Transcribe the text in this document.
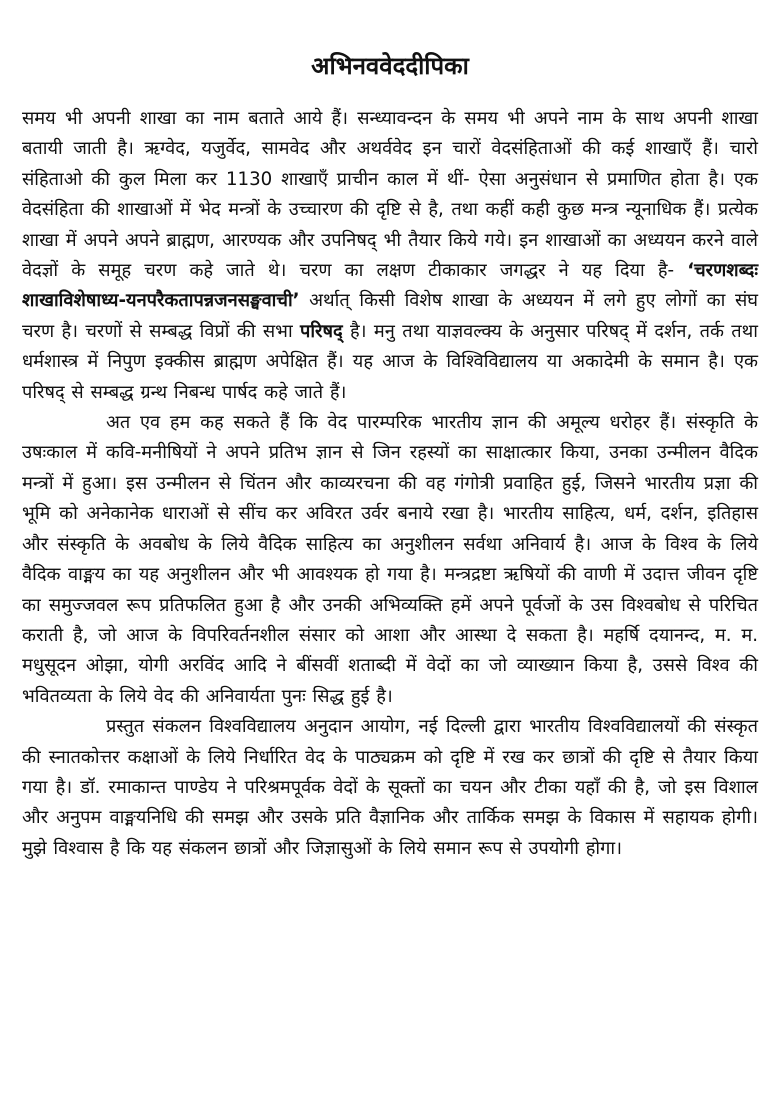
अभिनववेददीपिका

समय भी अपनी शाखा का नाम बताते आये हैं। सन्ध्यावन्दन के समय भी अपने नाम के साथ अपनी शाखा बतायी जाती है। ऋग्वेद, यजुर्वेद, सामवेद और अथर्ववेद इन चारों वेदसंहिताओं की कई शाखाएँ हैं। चारो संहिताओ की कुल मिला कर 1130 शाखाएँ प्राचीन काल में थीं- ऐसा अनुसंधान से प्रमाणित होता है। एक वेदसंहिता की शाखाओं में भेद मन्त्रों के उच्चारण की दृष्टि से है, तथा कहीं कही कुछ मन्त्र न्यूनाधिक हैं। प्रत्येक शाखा में अपने अपने ब्राह्मण, आरण्यक और उपनिषद् भी तैयार किये गये। इन शाखाओं का अध्ययन करने वाले वेदज्ञों के समूह चरण कहे जाते थे। चरण का लक्षण टीकाकार जगद्धर ने यह दिया है- ‘चरणशब्दः शाखाविशेषाध्य-यनपरैकतापन्नजनसङ्घवाची’ अर्थात् किसी विशेष शाखा के अध्ययन में लगे हुए लोगों का संघ चरण है। चरणों से सम्बद्ध विप्रों की सभा परिषद् है। मनु तथा याज्ञवल्क्य के अनुसार परिषद् में दर्शन, तर्क तथा धर्मशास्त्र में निपुण इक्कीस ब्राह्मण अपेक्षित हैं। यह आज के विश्विविद्यालय या अकादेमी के समान है। एक परिषद् से सम्बद्ध ग्रन्थ निबन्ध पार्षद कहे जाते हैं।

अत एव हम कह सकते हैं कि वेद पारम्परिक भारतीय ज्ञान की अमूल्य धरोहर हैं। संस्कृति के उषःकाल में कवि-मनीषियों ने अपने प्रतिभ ज्ञान से जिन रहस्यों का साक्षात्कार किया, उनका उन्मीलन वैदिक मन्त्रों में हुआ। इस उन्मीलन से चिंतन और काव्यरचना की वह गंगोत्री प्रवाहित हुई, जिसने भारतीय प्रज्ञा की भूमि को अनेकानेक धाराओं से सींच कर अविरत उर्वर बनाये रखा है। भारतीय साहित्य, धर्म, दर्शन, इतिहास और संस्कृति के अवबोध के लिये वैदिक साहित्य का अनुशीलन सर्वथा अनिवार्य है। आज के विश्व के लिये वैदिक वाङ्मय का यह अनुशीलन और भी आवश्यक हो गया है। मन्त्रद्रष्टा ऋषियों की वाणी में उदात्त जीवन दृष्टि का समुज्जवल रूप प्रतिफलित हुआ है और उनकी अभिव्यक्ति हमें अपने पूर्वजों के उस विश्वबोध से परिचित कराती है, जो आज के विपरिवर्तनशील संसार को आशा और आस्था दे सकता है। महर्षि दयानन्द, म. म. मधुसूदन ओझा, योगी अरविंद आदि ने बींसवीं शताब्दी में वेदों का जो व्याख्यान किया है, उससे विश्व की भवितव्यता के लिये वेद की अनिवार्यता पुनः सिद्ध हुई है।

प्रस्तुत संकलन विश्वविद्यालय अनुदान आयोग, नई दिल्ली द्वारा भारतीय विश्वविद्यालयों की संस्कृत की स्नातकोत्तर कक्षाओं के लिये निर्धारित वेद के पाठ्यक्रम को दृष्टि में रख कर छात्रों की दृष्टि से तैयार किया गया है। डॉ. रमाकान्त पाण्डेय ने परिश्रमपूर्वक वेदों के सूक्तों का चयन और टीका यहाँ की है, जो इस विशाल और अनुपम वाङ्मयनिधि की समझ और उसके प्रति वैज्ञानिक और तार्किक समझ के विकास में सहायक होगी। मुझे विश्वास है कि यह संकलन छात्रों और जिज्ञासुओं के लिये समान रूप से उपयोगी होगा।
